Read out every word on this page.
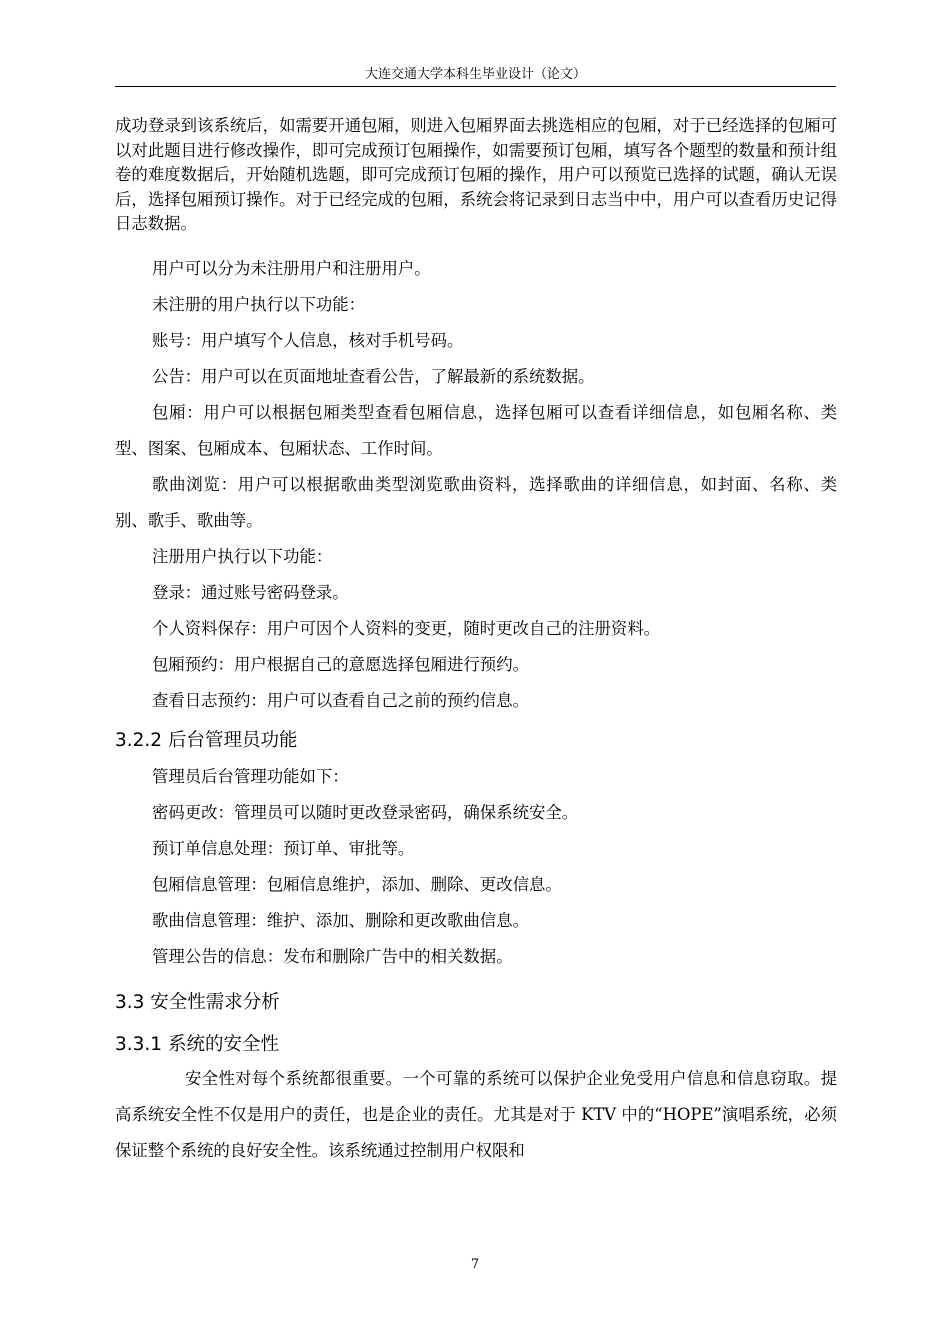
大连交通大学本科生毕业设计（论文）

成功登录到该系统后，如需要开通包厢，则进入包厢界面去挑选相应的包厢，对于已经选择的包厢可以对此题目进行修改操作，即可完成预订包厢操作，如需要预订包厢，填写各个题型的数量和预计组卷的难度数据后，开始随机选题，即可完成预订包厢的操作，用户可以预览已选择的试题，确认无误后，选择包厢预订操作。对于已经完成的包厢，系统会将记录到日志当中中，用户可以查看历史记得日志数据。

用户可以分为未注册用户和注册用户。

未注册的用户执行以下功能：

账号：用户填写个人信息，核对手机号码。

公告：用户可以在页面地址查看公告，了解最新的系统数据。

包厢：用户可以根据包厢类型查看包厢信息，选择包厢可以查看详细信息，如包厢名称、类型、图案、包厢成本、包厢状态、工作时间。

歌曲浏览：用户可以根据歌曲类型浏览歌曲资料，选择歌曲的详细信息，如封面、名称、类别、歌手、歌曲等。

注册用户执行以下功能：

登录：通过账号密码登录。

个人资料保存：用户可因个人资料的变更，随时更改自己的注册资料。

包厢预约：用户根据自己的意愿选择包厢进行预约。

查看日志预约：用户可以查看自己之前的预约信息。

3.2.2 后台管理员功能

管理员后台管理功能如下：

密码更改：管理员可以随时更改登录密码，确保系统安全。

预订单信息处理：预订单、审批等。

包厢信息管理：包厢信息维护，添加、删除、更改信息。

歌曲信息管理：维护、添加、删除和更改歌曲信息。

管理公告的信息：发布和删除广告中的相关数据。

3.3 安全性需求分析
3.3.1 系统的安全性

安全性对每个系统都很重要。一个可靠的系统可以保护企业免受用户信息和信息窃取。提高系统安全性不仅是用户的责任，也是企业的责任。尤其是对于 KTV 中的“HOPE”演唱系统，必须保证整个系统的良好安全性。该系统通过控制用户权限和

7
